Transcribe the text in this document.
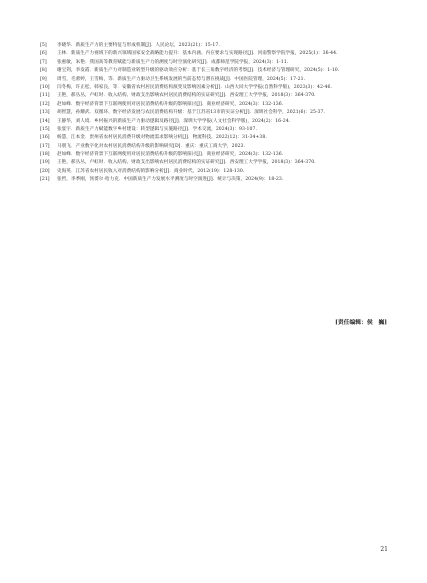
[5] 李晓华．新质生产力的主要特征与形成机制[J]．人民论坛，2023(21)：15-17.
[6] 王林．新质生产力视域下的新兴领域国家安全战略能力提升：基本内涵、内在要求与实现路径[J]．河南警察学院学报，2025(1)：36-44.
[7] 张惠敏，朱艳．我国高等教育赋能与新质生产力的测度与时空演化研究[J]．成都师范学院学报，2024(3)：1-11.
[8] 谢宝剑，李发霞．新质生产力对制造业转型升级的驱动效应分析：基于长三角数字经济的考察[J]．技术经济与管理研究，2024(5)：1-10.
[9] 周雪，毛蕾婷，王雪梅，等．新质生产力驱动卫生系统发展的当前态势与潜在挑战[J]．中国医院管理，2024(5)：17-21.
[10] 闫冬梅，许正松，韩家良，等．安徽省农村居民消费结构演变及影响因素分析[J]．山西大同大学学报(自然科学版)，2023(3)：42-46.
[11] 王艳，郝丛丛，卢虹时．收入结构、财政支出影响农村居民消费结构的实证研究[J]．西安理工大学学报，2018(3)：364-370.
[12] 赵如峰．数字经济背景下互联网使用对居民消费结构升级的影响探讨[J]．商业经济研究，2024(3)：132-136.
[13] 胡智慧，孙耀武．双循环、数字经济发展与农民消费结构升级：基于江苏省13市的实证分析[J]．深圳社会科学，2021(6)：25-37.
[14] 王静华，刘人境．乡村振兴的新质生产力驱动逻辑及路径[J]．深圳大学学报(人文社会科学版)，2024(2)：16-24.
[15] 张宴宇．新质生产力赋能数字乡村建设：转型逻辑与实施路径[J]．学术交流，2024(3)：93-107.
[16] 杨慧，江本金．贵州省农村居民消费升级对物流需求影响分析[J]．物流科技，2022(12)：31-34+38.
[17] 马朋飞．产业数字化对农村居民消费结构升级的影响研究[D]．重庆：重庆工商大学，2023.
[18] 赵如峰．数字经济背景下互联网使用对居民消费结构升级的影响探讨[J]．商业经济研究，2024(3)：132-136.
[19] 王艳，郝丛丛，卢虹时．收入结构、财政支出影响农村居民消费结构的实证研究[J]．西安理工大学学报，2018(3)：364-370.
[20] 史海英．江苏省农村居民收入对消费结构的影响分析[J]．商业时代，2012(19)：128-130.
[21] 张哲，李季刚，汤赟尔·哈力克．中国新质生产力发展水平测度与时空演进[J]．统计与决策，2024(9)：18-23.
[责任编辑：侯　巍]
21
